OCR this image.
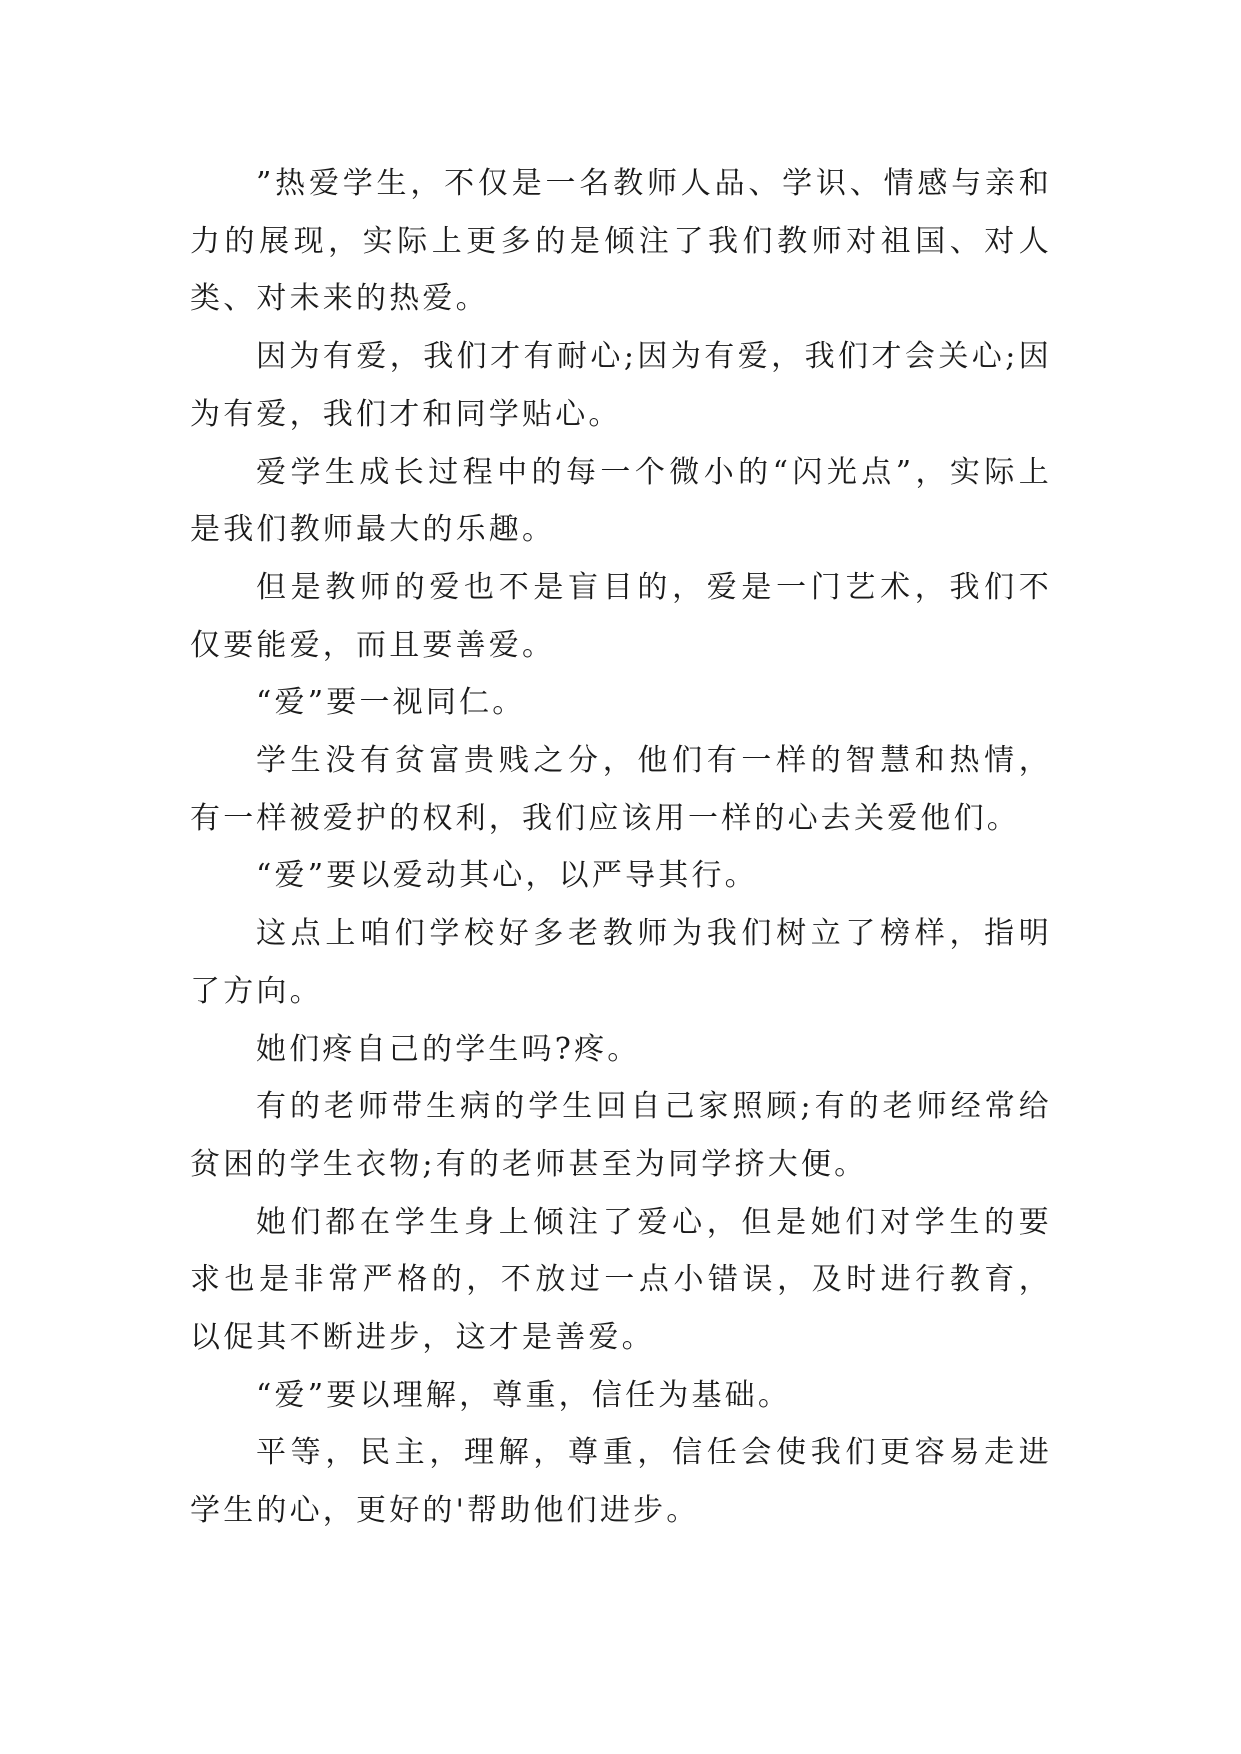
”热爱学生，不仅是一名教师人品、学识、情感与亲和力的展现，实际上更多的是倾注了我们教师对祖国、对人类、对未来的热爱。

因为有爱，我们才有耐心;因为有爱，我们才会关心;因为有爱，我们才和同学贴心。

爱学生成长过程中的每一个微小的“闪光点”，实际上是我们教师最大的乐趣。

但是教师的爱也不是盲目的，爱是一门艺术，我们不仅要能爱，而且要善爱。

“爱”要一视同仁。

学生没有贫富贵贱之分，他们有一样的智慧和热情，有一样被爱护的权利，我们应该用一样的心去关爱他们。

“爱”要以爱动其心，以严导其行。

这点上咱们学校好多老教师为我们树立了榜样，指明了方向。

她们疼自己的学生吗?疼。

有的老师带生病的学生回自己家照顾;有的老师经常给贫困的学生衣物;有的老师甚至为同学挤大便。

她们都在学生身上倾注了爱心，但是她们对学生的要求也是非常严格的，不放过一点小错误，及时进行教育，以促其不断进步，这才是善爱。

“爱”要以理解，尊重，信任为基础。

平等，民主，理解，尊重，信任会使我们更容易走进学生的心，更好的'帮助他们进步。
